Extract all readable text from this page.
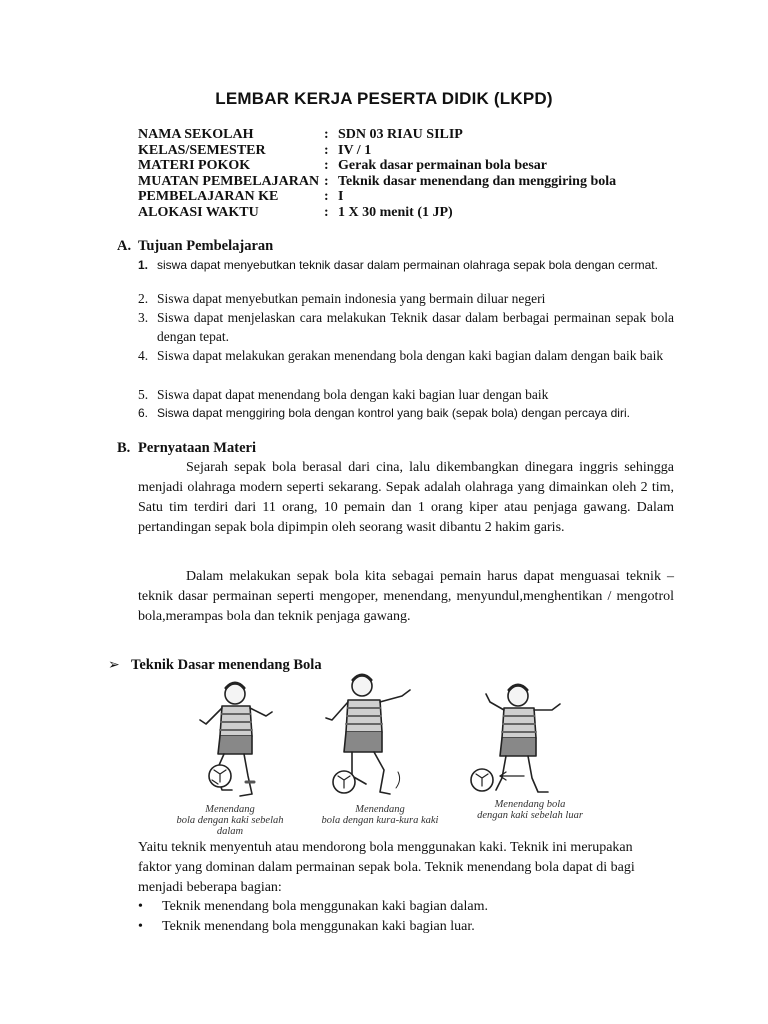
LEMBAR KERJA PESERTA DIDIK (LKPD)
NAMA SEKOLAH	: SDN 03 RIAU SILIP
KELAS/SEMESTER	: IV / 1
MATERI POKOK	: Gerak dasar permainan bola besar
MUATAN PEMBELAJARAN : Teknik dasar menendang dan menggiring bola
PEMBELAJARAN KE	: I
ALOKASI WAKTU	: 1 X 30 menit (1 JP)
A. Tujuan Pembelajaran
1. siswa dapat menyebutkan teknik dasar dalam permainan olahraga sepak bola dengan cermat.
2. Siswa dapat menyebutkan pemain indonesia yang bermain diluar negeri
3. Siswa dapat menjelaskan cara melakukan Teknik dasar dalam berbagai permainan sepak bola dengan tepat.
4. Siswa dapat melakukan gerakan menendang bola dengan kaki bagian dalam dengan baik baik
5. Siswa dapat dapat menendang bola dengan kaki bagian luar dengan baik
6. Siswa dapat menggiring bola dengan kontrol yang baik (sepak bola) dengan percaya diri.
B. Pernyataan Materi
Sejarah sepak bola berasal dari cina, lalu dikembangkan dinegara inggris sehingga menjadi olahraga modern seperti sekarang. Sepak adalah olahraga yang dimainkan oleh 2 tim, Satu tim terdiri dari 11 orang, 10 pemain dan 1 orang kiper atau penjaga gawang. Dalam pertandingan sepak bola dipimpin oleh seorang wasit dibantu 2 hakim garis.
Dalam melakukan sepak bola kita sebagai pemain harus dapat menguasai teknik – teknik dasar permainan seperti mengoper, menendang, menyundul,menghentikan / mengotrol bola,merampas bola dan teknik penjaga gawang.
➢ Teknik Dasar menendang Bola
Menendang
bola dengan kaki sebelah
dalam
Menendang
bola dengan kura-kura kaki
Menendang bola
dengan kaki sebelah luar
Yaitu teknik menyentuh atau mendorong bola menggunakan kaki. Teknik ini merupakan faktor yang dominan dalam permainan sepak bola. Teknik menendang bola dapat di bagi menjadi beberapa bagian:
• Teknik menendang bola menggunakan kaki bagian dalam.
• Teknik menendang bola menggunakan kaki bagian luar.
